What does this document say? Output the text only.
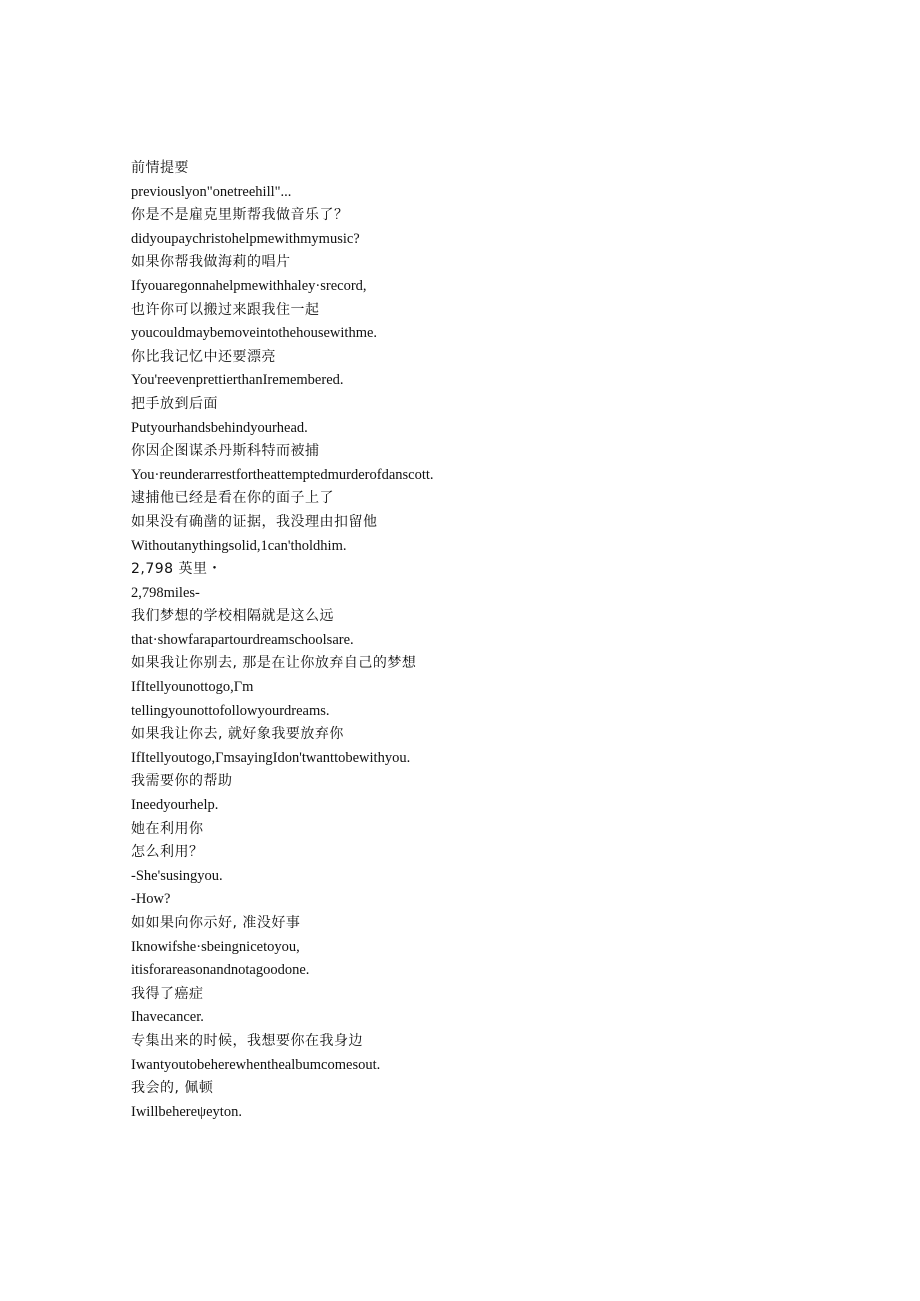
前情提要
previouslyon"onetreehill"...
你是不是雇克里斯帮我做音乐了？
didyoupaychristohelpmewithmymusic?
如果你帮我做海莉的唱片
Ifyouaregonnahelpmewithhaley·srecord,
也许你可以搬过来跟我住一起
youcouldmaybemoveintothehousewithme.
你比我记忆中还要漂亮
You'reevenprettierthanIremembered.
把手放到后面
Putyourhandsbehindyourhead.
你因企图谋杀丹斯科特而被捕
You·reunderarrestfortheattemptedmurderofdanscott.
逮捕他已经是看在你的面子上了
如果没有确凿的证据，我没理由扣留他
Withoutanythingsolid,1can'tholdhim.
2,798 英里・
2,798miles-
我们梦想的学校相隔就是这么远
that·showfarapartourdreamschoolsare.
如果我让你别去, 那是在让你放弃自己的梦想
IfItellyounottogo,Γm
tellingyounottofollowyourdreams.
如果我让你去, 就好象我要放弃你
IfItellyoutogo,ΓmsayingIdon'twanttobewithyou.
我需要你的帮助
Ineedyourhelp.
她在利用你
怎么利用？
-She'susingyou.
-How?
如如果向你示好, 准没好事
Iknowifshe·sbeingnicetoyou,
itisforareasonandnotagoodone.
我得了癌症
Ihavecancer.
专集出来的时候，我想要你在我身边
Iwantyoutobeherewhenthealbumcomesout.
我会的, 佩顿
Iwillbehereψeyton.
